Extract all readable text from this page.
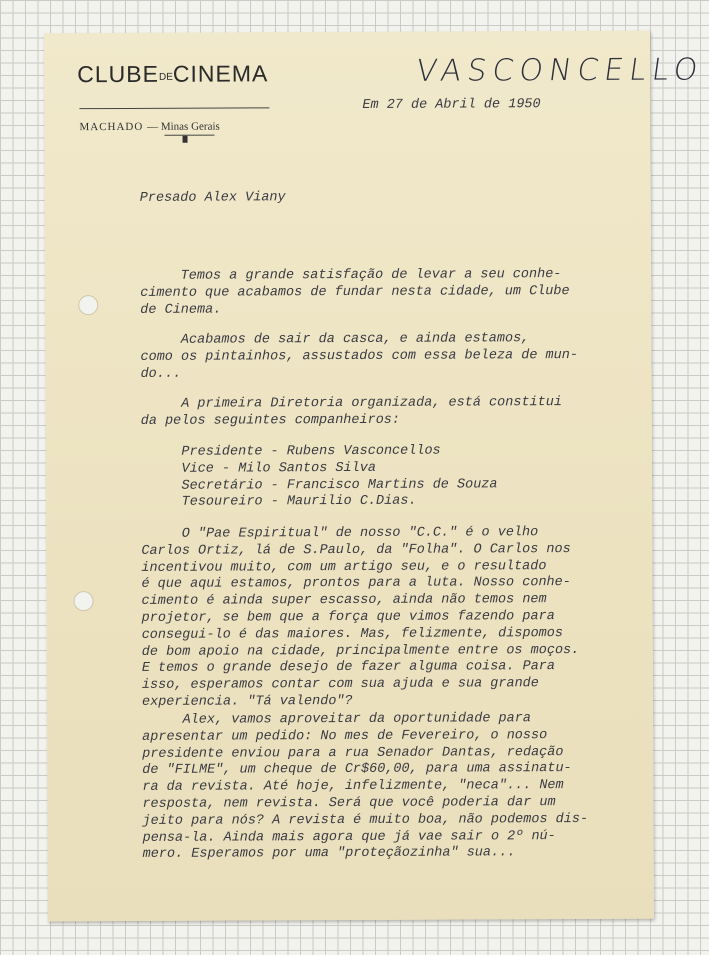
CLUBEDECINEMA
MACHADO — Minas Gerais
VASCONCELLO
Em 27 de Abril de 1950
Presado Alex Viany
Temos a grande satisfação de levar a seu conhe-
cimento que acabamos de fundar nesta cidade, um Clube
de Cinema.
Acabamos de sair da casca, e ainda estamos,
como os pintainhos, assustados com essa beleza de mun-
do...
A primeira Diretoria organizada, está constitui
da pelos seguintes companheiros:
Presidente - Rubens Vasconcellos
Vice - Milo Santos Silva
Secretário - Francisco Martins de Souza
Tesoureiro - Maurilio C.Dias.
O "Pae Espiritual" de nosso "C.C." é o velho
Carlos Ortiz, lá de S.Paulo, da "Folha". O Carlos nos
incentivou muito, com um artigo seu, e o resultado
é que aqui estamos, prontos para a luta. Nosso conhe-
cimento é ainda super escasso, ainda não temos nem
projetor, se bem que a força que vimos fazendo para
consegui-lo é das maiores. Mas, felizmente, dispomos
de bom apoio na cidade, principalmente entre os moços.
E temos o grande desejo de fazer alguma coisa. Para
isso, esperamos contar com sua ajuda e sua grande
experiencia. "Tá valendo"?
Alex, vamos aproveitar da oportunidade para
apresentar um pedido: No mes de Fevereiro, o nosso
presidente enviou para a rua Senador Dantas, redação
de "FILME", um cheque de Cr$60,00, para uma assinatu-
ra da revista. Até hoje, infelizmente, "neca"... Nem
resposta, nem revista. Será que você poderia dar um
jeito para nós? A revista é muito boa, não podemos dis-
pensa-la. Ainda mais agora que já vae sair o 2º nú-
mero. Esperamos por uma "proteçãozinha" sua...
